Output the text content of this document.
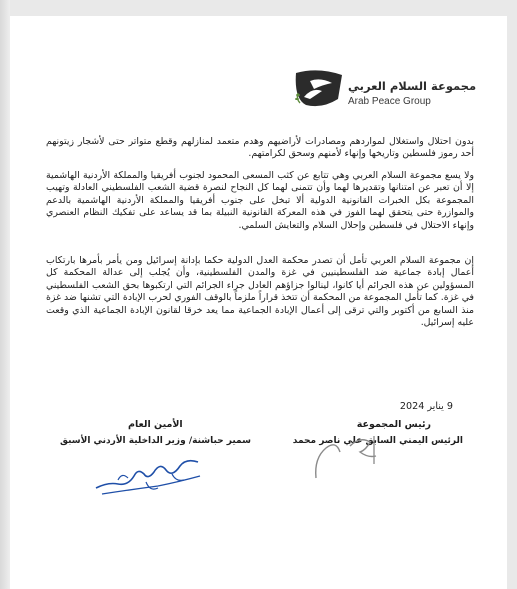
مجموعة السلام العربي
Arab Peace Group
بدون احتلال واستغلال لمواردهم ومصادرات لأراضيهم وهدم متعمد لمنازلهم وقطع متواتر حتى لأشجار زيتونهم أحد رموز فلسطين وتاريخها وإنهاء لأمنهم وسحق لكرامتهم.
ولا يسع مجموعة السلام العربي وهي تتابع عن كثب المسعى المحمود لجنوب أفريقيا والمملكة الأردنية الهاشمية إلا أن تعبر عن امتنانها وتقديرها لهما وأن تتمنى لهما كل النجاح لنصرة قضية الشعب الفلسطيني العادلة وتهيب المجموعة بكل الخبرات القانونية الدولية ألا تبخل على جنوب أفريقيا والمملكة الأردنية الهاشمية بالدعم والموازرة حتى يتحقق لهما الفوز في هذه المعركة القانونية النبيلة بما قد يساعد على تفكيك النظام العنصري وإنهاء الاحتلال في فلسطين وإحلال السلام والتعايش السلمي.
إن مجموعة السلام العربي تأمل أن تصدر محكمة العدل الدولية حكما بإدانة إسرائيل ومن يأمر بأمرها بارتكاب أعمال إبادة جماعية ضد الفلسطينيين في غزة والمدن الفلسطينية، وأن يُجلب إلى عدالة المحكمة كل المسؤولين عن هذه الجرائم أيا كانوا، لينالوا جزاؤهم العادل جراء الجرائم التي ارتكبوها بحق الشعب الفلسطيني في غزة. كما تأمل المجموعة من المحكمة أن تتخذ قراراً ملزماً بالوقف الفوري لحرب الإبادة التي تشنها ضد غزة منذ السابع من أكتوبر والتي ترقى إلى أعمال الإبادة الجماعية مما يعد خرقا لقانون الإبادة الجماعية الذي وقعت عليه إسرائيل.
9 يناير 2024
رئيس المجموعة
الرئيس اليمني السابق علي ناصر محمد
الأمين العام
سمير حباشنة/ وزير الداخلية الأردني الأسبق
